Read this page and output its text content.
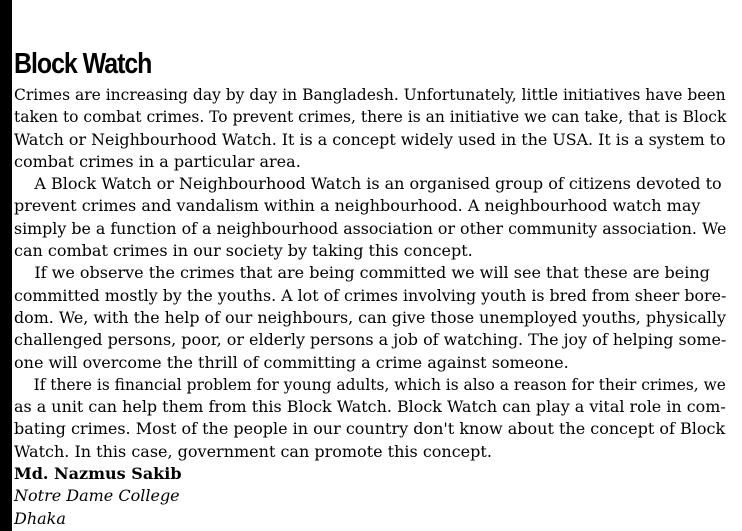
Block Watch
Crimes are increasing day by day in Bangladesh. Unfortunately, little initiatives have been
taken to combat crimes. To prevent crimes, there is an initiative we can take, that is Block
Watch or Neighbourhood Watch. It is a concept widely used in the USA. It is a system to
combat crimes in a particular area.
A Block Watch or Neighbourhood Watch is an organised group of citizens devoted to
prevent crimes and vandalism within a neighbourhood. A neighbourhood watch may
simply be a function of a neighbourhood association or other community association. We
can combat crimes in our society by taking this concept.
If we observe the crimes that are being committed we will see that these are being
committed mostly by the youths. A lot of crimes involving youth is bred from sheer bore-
dom. We, with the help of our neighbours, can give those unemployed youths, physically
challenged persons, poor, or elderly persons a job of watching. The joy of helping some-
one will overcome the thrill of committing a crime against someone.
If there is financial problem for young adults, which is also a reason for their crimes, we
as a unit can help them from this Block Watch. Block Watch can play a vital role in com-
bating crimes. Most of the people in our country don't know about the concept of Block
Watch. In this case, government can promote this concept.
Md. Nazmus Sakib
Notre Dame College
Dhaka
